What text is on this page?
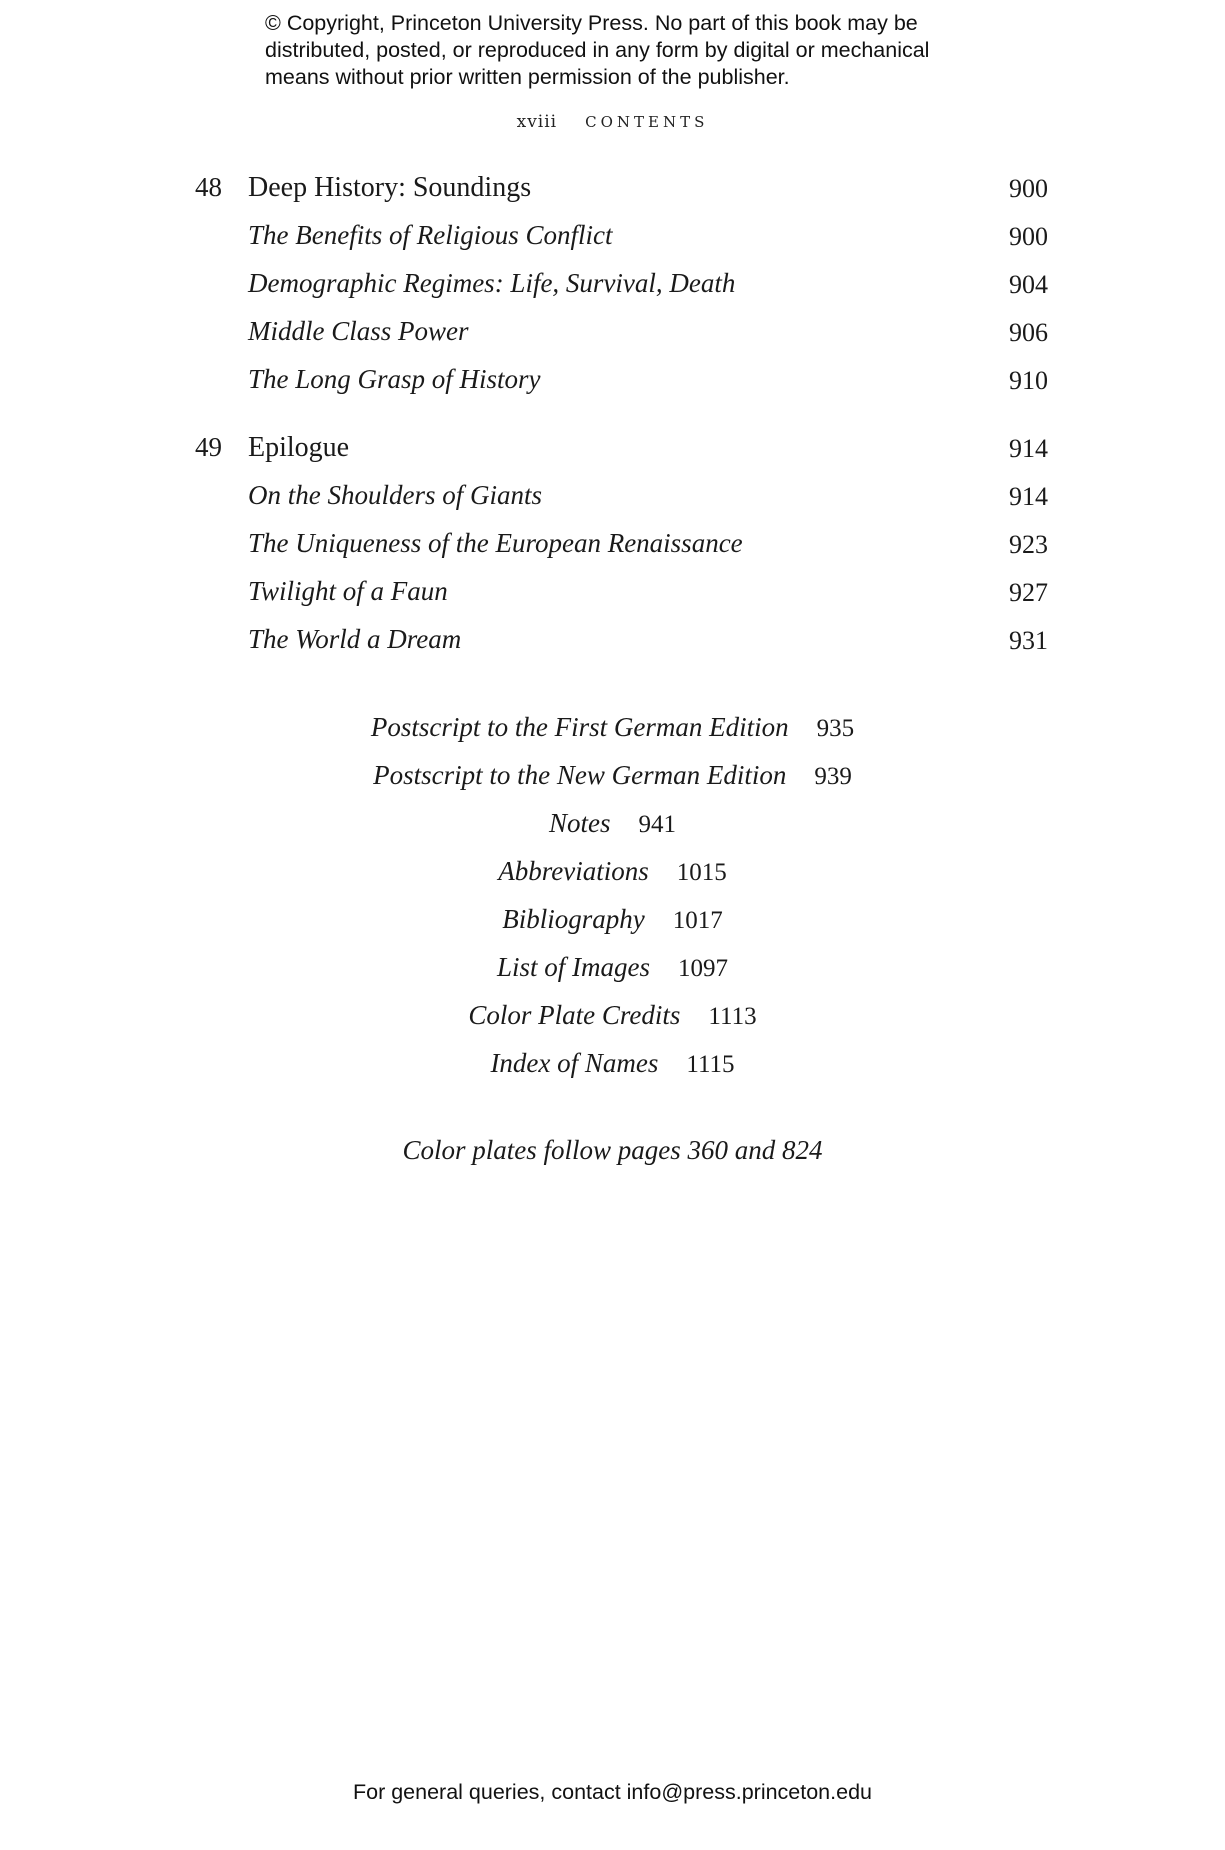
© Copyright, Princeton University Press. No part of this book may be
distributed, posted, or reproduced in any form by digital or mechanical
means without prior written permission of the publisher.
xviii CONTENTS
48 Deep History: Soundings	900
The Benefits of Religious Conflict	900
Demographic Regimes: Life, Survival, Death	904
Middle Class Power	906
The Long Grasp of History	910
49 Epilogue	914
On the Shoulders of Giants	914
The Uniqueness of the European Renaissance	923
Twilight of a Faun	927
The World a Dream	931
Postscript to the First German Edition 935
Postscript to the New German Edition 939
Notes 941
Abbreviations 1015
Bibliography 1017
List of Images 1097
Color Plate Credits 1113
Index of Names 1115
Color plates follow pages 360 and 824
For general queries, contact info@press.princeton.edu
